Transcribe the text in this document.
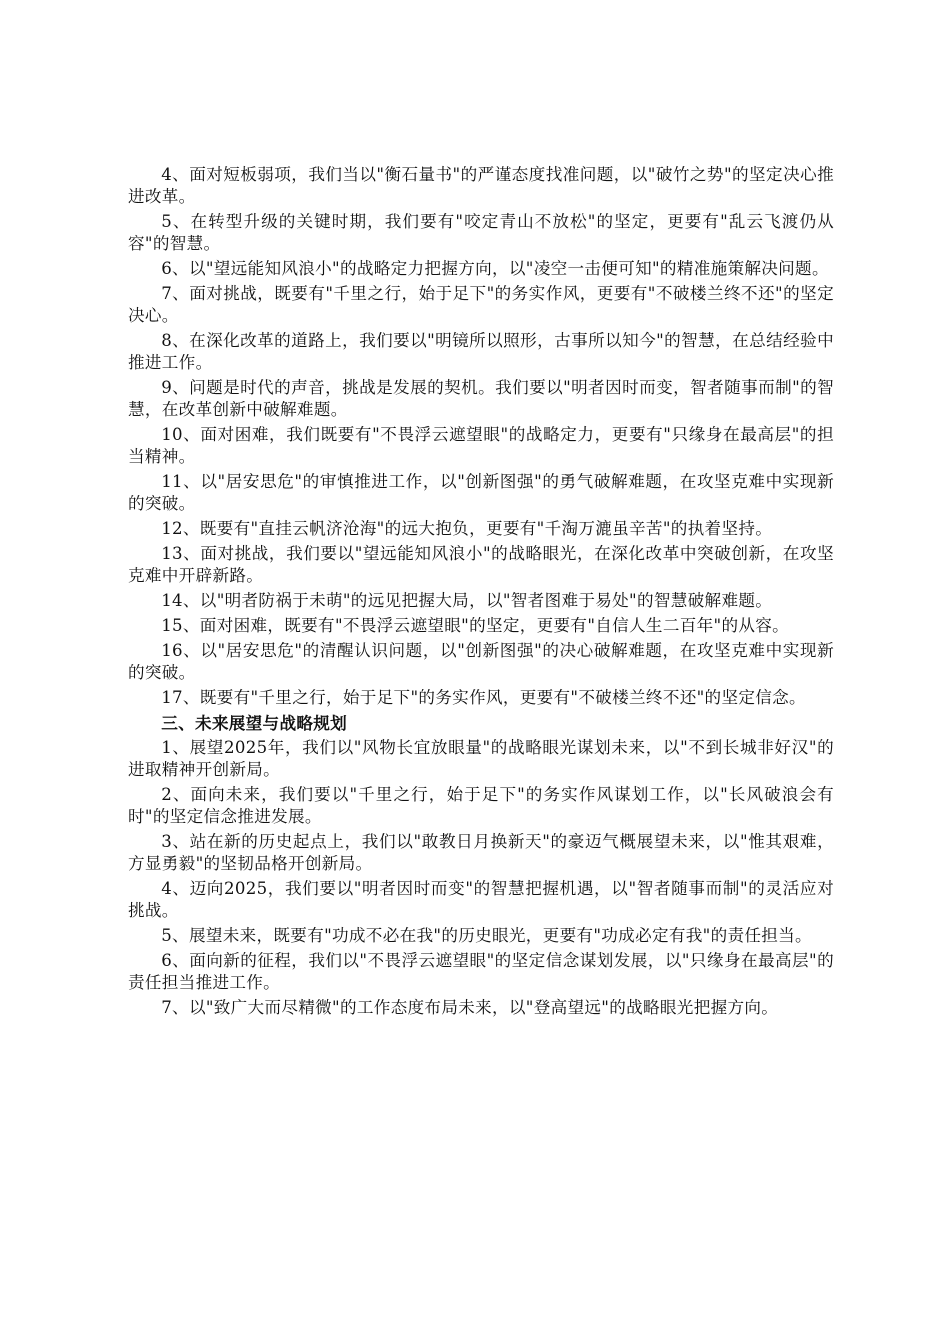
4、面对短板弱项，我们当以"衡石量书"的严谨态度找准问题，以"破竹之势"的坚定决心推进改革。

5、在转型升级的关键时期，我们要有"咬定青山不放松"的坚定，更要有"乱云飞渡仍从容"的智慧。

6、以"望远能知风浪小"的战略定力把握方向，以"凌空一击便可知"的精准施策解决问题。

7、面对挑战，既要有"千里之行，始于足下"的务实作风，更要有"不破楼兰终不还"的坚定决心。

8、在深化改革的道路上，我们要以"明镜所以照形，古事所以知今"的智慧，在总结经验中推进工作。

9、问题是时代的声音，挑战是发展的契机。我们要以"明者因时而变，智者随事而制"的智慧，在改革创新中破解难题。

10、面对困难，我们既要有"不畏浮云遮望眼"的战略定力，更要有"只缘身在最高层"的担当精神。

11、以"居安思危"的审慎推进工作，以"创新图强"的勇气破解难题，在攻坚克难中实现新的突破。

12、既要有"直挂云帆济沧海"的远大抱负，更要有"千淘万漉虽辛苦"的执着坚持。

13、面对挑战，我们要以"望远能知风浪小"的战略眼光，在深化改革中突破创新，在攻坚克难中开辟新路。

14、以"明者防祸于未萌"的远见把握大局，以"智者图难于易处"的智慧破解难题。

15、面对困难，既要有"不畏浮云遮望眼"的坚定，更要有"自信人生二百年"的从容。

16、以"居安思危"的清醒认识问题，以"创新图强"的决心破解难题，在攻坚克难中实现新的突破。

17、既要有"千里之行，始于足下"的务实作风，更要有"不破楼兰终不还"的坚定信念。

三、未来展望与战略规划

1、展望2025年，我们以"风物长宜放眼量"的战略眼光谋划未来，以"不到长城非好汉"的进取精神开创新局。

2、面向未来，我们要以"千里之行，始于足下"的务实作风谋划工作，以"长风破浪会有时"的坚定信念推进发展。

3、站在新的历史起点上，我们以"敢教日月换新天"的豪迈气概展望未来，以"惟其艰难，方显勇毅"的坚韧品格开创新局。

4、迈向2025，我们要以"明者因时而变"的智慧把握机遇，以"智者随事而制"的灵活应对挑战。

5、展望未来，既要有"功成不必在我"的历史眼光，更要有"功成必定有我"的责任担当。

6、面向新的征程，我们以"不畏浮云遮望眼"的坚定信念谋划发展，以"只缘身在最高层"的责任担当推进工作。

7、以"致广大而尽精微"的工作态度布局未来，以"登高望远"的战略眼光把握方向。
